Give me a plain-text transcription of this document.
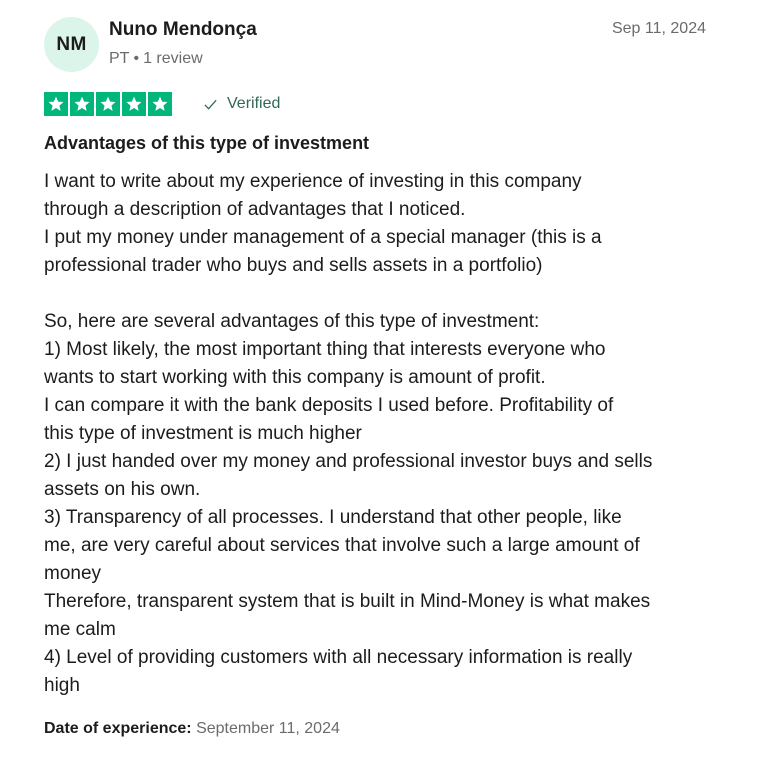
NM
Nuno Mendonça
PT • 1 review
Sep 11, 2024
Verified
Advantages of this type of investment

I want to write about my experience of investing in this company

through a description of advantages that I noticed.

I put my money under management of a special manager (this is a

professional trader who buys and sells assets in a portfolio)

So, here are several advantages of this type of investment:

1) Most likely, the most important thing that interests everyone who

wants to start working with this company is amount of profit.

I can compare it with the bank deposits I used before. Profitability of

this type of investment is much higher

2) I just handed over my money and professional investor buys and sells

assets on his own.

3) Transparency of all processes. I understand that other people, like

me, are very careful about services that involve such a large amount of

money

Therefore, transparent system that is built in Mind-Money is what makes

me calm

4) Level of providing customers with all necessary information is really

high

Date of experience: September 11, 2024
